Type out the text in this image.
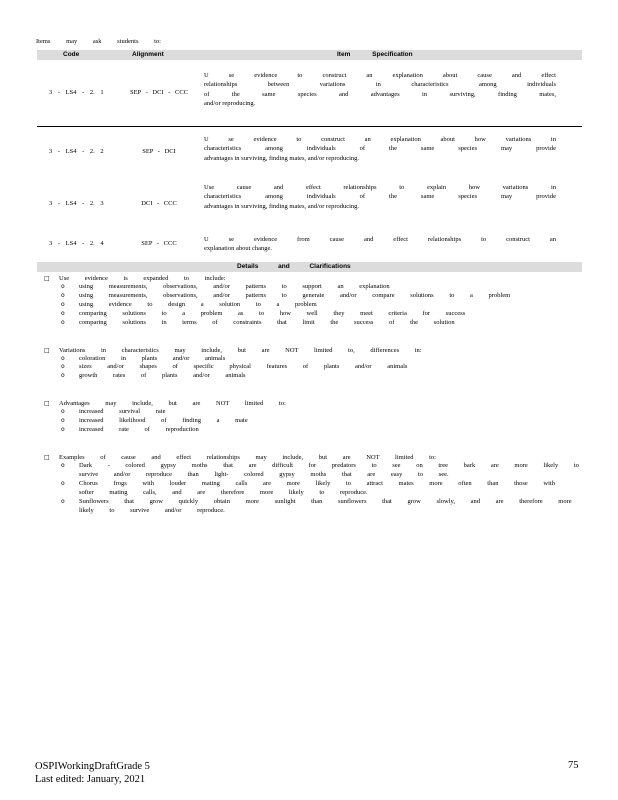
Items may ask students to:
Code	Alignment	Item Specification
3 - LS4 - 2. 1	SEP - DCI - CCC
U se evidence to construct an explanation about cause and effect
relationships between variations in characteristics among individuals
of the same species and advantages in surviving, finding mates,
and/or reproducing.
3 - LS4 - 2. 2	SEP - DCI
U se evidence to construct an explanation about how variations in
characteristics among individuals of the same species may provide
advantages in surviving, finding mates, and/or reproducing.
3 - LS4 - 2. 3	DCI - CCC
Use cause and effect relationships to explain how variations in
characteristics among individuals of the same species may provide
advantages in surviving, finding mates, and/or reproducing.
3 - LS4 - 2. 4	SEP - CCC
U se evidence from cause and effect relationships to construct an
explanation about change.
Details and Clarifications
□ Use evidence is expanded to include:
o using measurements, observations, and/or patterns to support an explanation
o using measurements, observations, and/or patterns to generate and/or compare solutions to a problem
o using evidence to design a solution to a problem
o comparing solutions to a problem as to how well they meet criteria for success
o comparing solutions in terms of constraints that limit the success of the solution
□ Variations in characteristics may include, but are NOT limited to, differences in:
o coloration in plants and/or animals
o sizes and/or shapes of specific physical features of plants and/or animals
o growth rates of plants and/or animals
□ Advantages may include, but are NOT limited to:
o increased survival rate
o increased likelihood of finding a mate
o increased rate of reproduction
□ Examples of cause and effect relationships may include, but are NOT limited to:
o Dark - colored gypsy moths that are difficult for predators to see on tree bark are more likely to survive and/or reproduce than light- colored gypsy moths that are easy to see.
o Chorus frogs with louder mating calls are more likely to attract mates more often than those with softer mating calls, and are therefore more likely to reproduce.
o Sunflowers that grow quickly obtain more sunlight than sunflowers that grow slowly, and are therefore more likely to survive and/or reproduce.
OSPIWorkingDraftGrade 5
Last edited: January, 2021
75
